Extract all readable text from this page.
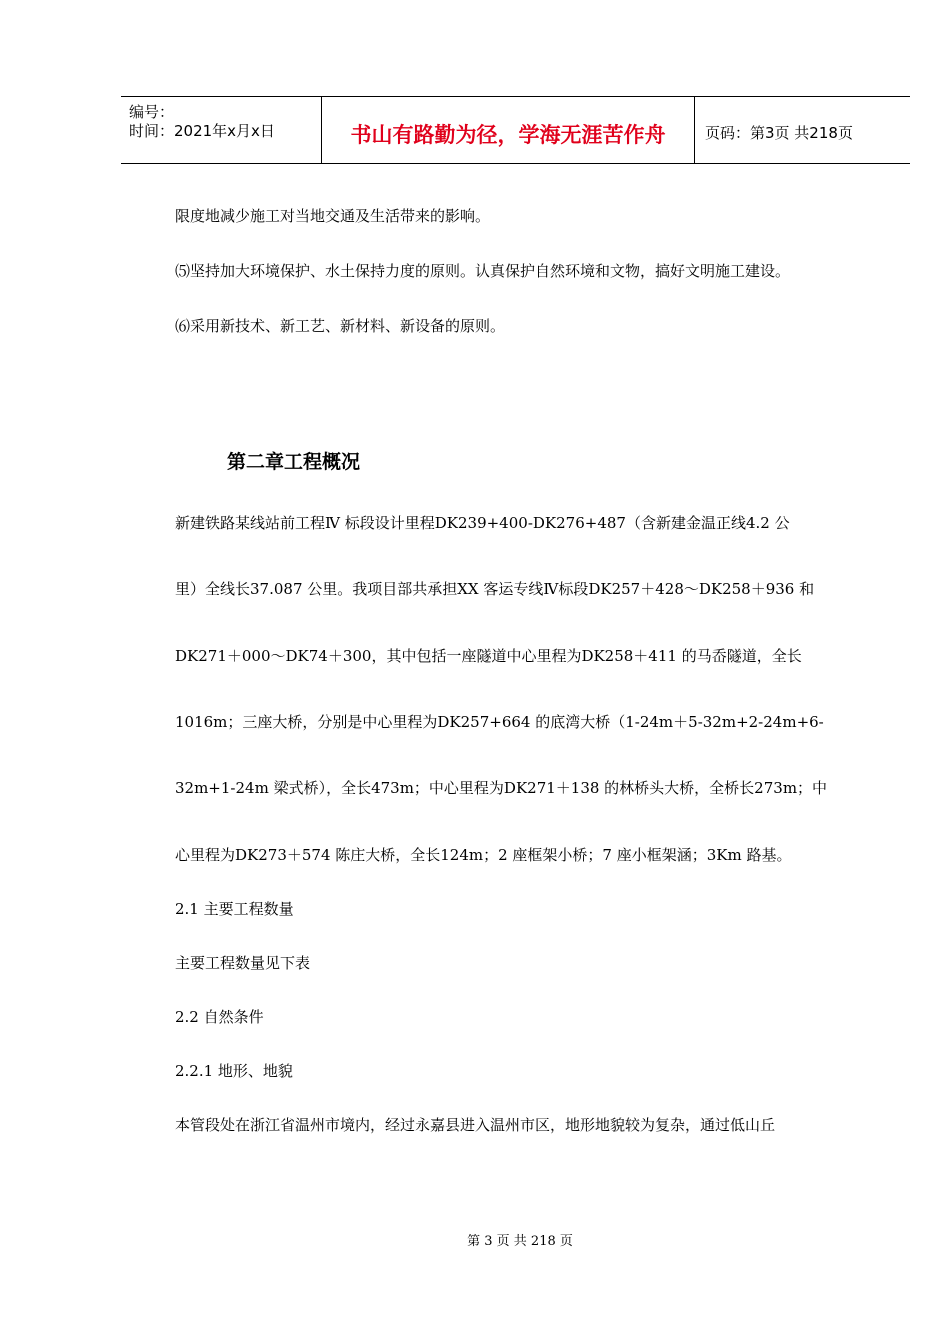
编号：
时间：2021年x月x日	书山有路勤为径，学海无涯苦作舟	页码：第3页 共218页
限度地减少施工对当地交通及生活带来的影响。
⑸坚持加大环境保护、水土保持力度的原则。认真保护自然环境和文物，搞好文明施工建设。
⑹采用新技术、新工艺、新材料、新设备的原则。
第二章工程概况
新建铁路某线站前工程Ⅳ 标段设计里程DK239+400-DK276+487（含新建金温正线4.2 公
里）全线长37.087 公里。我项目部共承担XX 客运专线Ⅳ标段DK257＋428～DK258＋936 和
DK271＋000～DK74＋300，其中包括一座隧道中心里程为DK258＋411 的马岙隧道，全长
1016m；三座大桥，分别是中心里程为DK257+664 的底湾大桥（1-24m＋5-32m+2-24m+6-
32m+1-24m 梁式桥），全长473m；中心里程为DK271＋138 的林桥头大桥，全桥长273m；中
心里程为DK273＋574 陈庄大桥，全长124m；2 座框架小桥；7 座小框架涵；3Km 路基。
2.1 主要工程数量
主要工程数量见下表
2.2 自然条件
2.2.1 地形、地貌
本管段处在浙江省温州市境内，经过永嘉县进入温州市区，地形地貌较为复杂，通过低山丘
第 3 页 共 218 页
